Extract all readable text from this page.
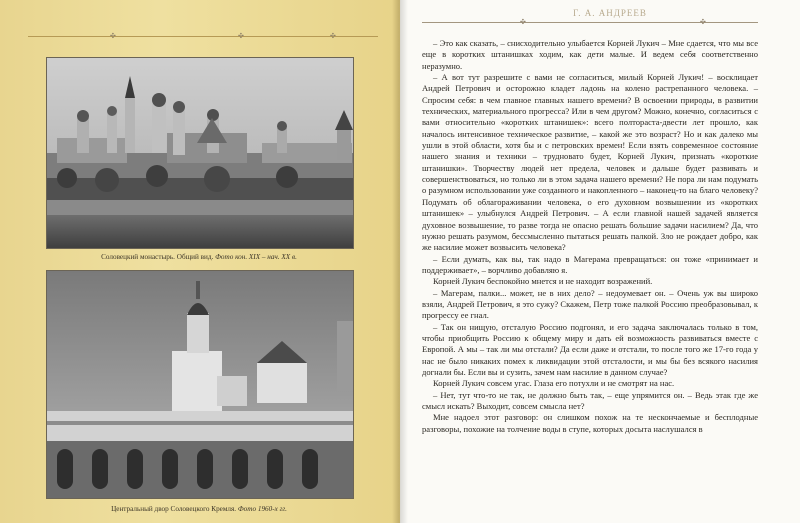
✣	✣	✣
Соловецкий монастырь. Общий вид. Фото кон. XIX – нач. XX в.
Центральный двор Соловецкого Кремля. Фото 1960-х гг.
Г. А. АНДРЕЕВ
✣	✣

– Это как сказать, – снисходительно улыбается Корней Лукич – Мне сдается, что мы все еще в коротких штанишках ходим, как дети малые. И ведем себя соответственно неразумно.

– А вот тут разрешите с вами не согласиться, милый Корней Лукич! – восклицает Андрей Петрович и осторожно кладет ладонь на колено растрепанного человека. – Спросим себя: в чем главное главных нашего времени? В освоении природы, в развитии технических, материального прогресса? Или в чем другом? Можно, конечно, согласиться с вами относительно «коротких штанишек»: всего полтораста-двести лет прошло, как началось интенсивное техническое развитие, – какой же это возраст? Но и как далеко мы ушли в этой области, хотя бы и с петровских времен! Если взять современное состояние нашего знания и техники – трудновато будет, Корней Лукич, признать «короткие штанишки». Творчеству людей нет предела, человек и дальше будет развивать и совершенствоваться, но только ли в этом задача нашего времени? Не пора ли нам подумать о разумном использовании уже созданного и накопленного – наконец-то на благо человеку? Подумать об облагораживании человека, о его духовном возвышении из «коротких штанишек» – улыбнулся Андрей Петрович. – А если главной нашей задачей является духовное возвышение, то разве тогда не опасно решать большие задачи насилием? Да, что нужно решать разумом, бессмысленно пытаться решать палкой. Зло не рождает добро, как же насилие может возвысить человека?

– Если думать, как вы, так надо в Магерама превращаться: он тоже «принимает и поддерживает», – ворчливо добавляю я.

Корней Лукич беспокойно мнется и не находит возражений.

– Магерам, палки... может, не в них дело? – недоумевает он. – Очень уж вы широко взяли, Андрей Петрович, я это сужу? Скажем, Петр тоже палкой Россию преобразовывал, к прогрессу ее гнал.

– Так он нищую, отсталую Россию подгонял, и его задача заключалась только в том, чтобы приобщить Россию к общему миру и дать ей возможность развиваться вместе с Европой. А мы – так ли мы отстали? Да если даже и отстали, то после того же 17-го года у нас не было никаких помех к ликвидации этой отсталости, и мы бы без всякого насилия догнали бы. Если вы и сузить, зачем нам насилие в данном случае?

Корней Лукич совсем угас. Глаза его потухли и не смотрят на нас.

– Нет, тут что-то не так, не должно быть так, – еще упрямится он. – Ведь этак где же смысл искать? Выходит, совсем смысла нет?

Мне надоел этот разговор: он слишком похож на те нескончаемые и бесплодные разговоры, похожие на толчение воды в ступе, которых досыта наслушался в
